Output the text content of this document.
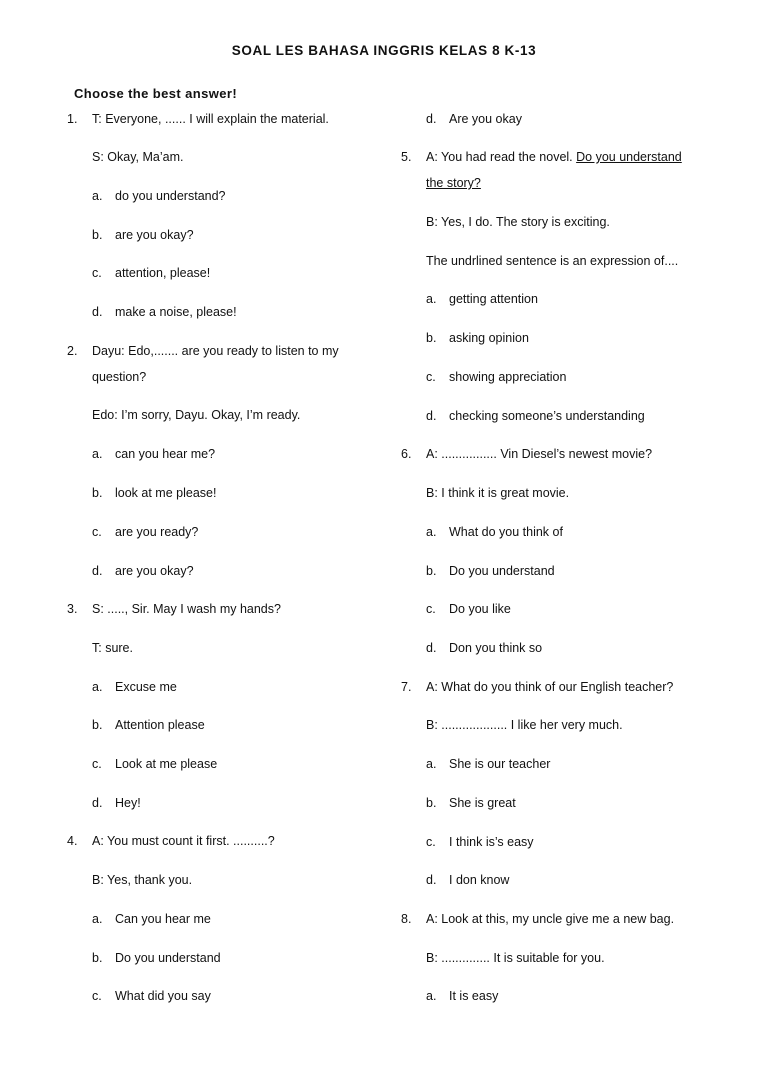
SOAL LES BAHASA INGGRIS KELAS 8 K-13
Choose the best answer!
1. T: Everyone, ...... I will explain the material.
S: Okay, Ma’am.
a. do you understand?
b. are you okay?
c. attention, please!
d. make a noise, please!
2. Dayu: Edo,....... are you ready to listen to my
question?
Edo: I’m sorry, Dayu. Okay, I’m ready.
a. can you hear me?
b. look at me please!
c. are you ready?
d. are you okay?
3. S: ....., Sir. May I wash my hands?
T: sure.
a. Excuse me
b. Attention please
c. Look at me please
d. Hey!
4. A: You must count it first. ..........?
B: Yes, thank you.
a. Can you hear me
b. Do you understand
c. What did you say
d. Are you okay
5. A: You had read the novel. Do you understand
the story?
B: Yes, I do. The story is exciting.
The undrlined sentence is an expression of....
a. getting attention
b. asking opinion
c. showing appreciation
d. checking someone’s understanding
6. A: ................ Vin Diesel’s newest movie?
B: I think it is great movie.
a. What do you think of
b. Do you understand
c. Do you like
d. Don you think so
7. A: What do you think of our English teacher?
B: ................... I like her very much.
a. She is our teacher
b. She is great
c. I think is’s easy
d. I don know
8. A: Look at this, my uncle give me a new bag.
B: .............. It is suitable for you.
a. It is easy
